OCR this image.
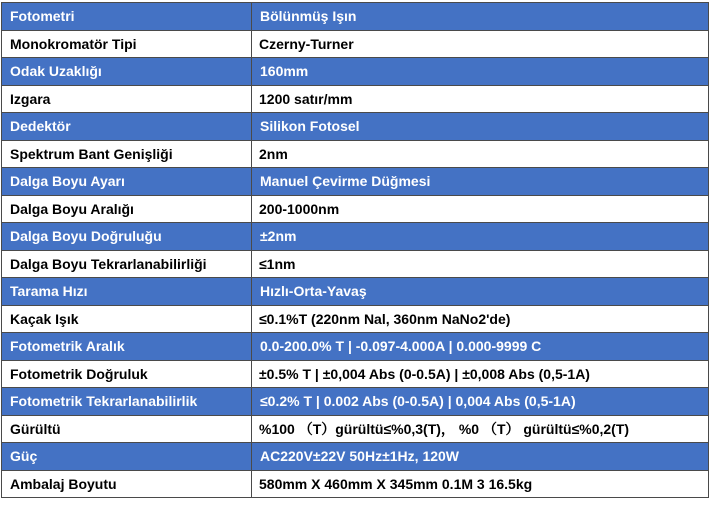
Fotometri	Bölünmüş Işın
Monokromatör Tipi	Czerny-Turner
Odak Uzaklığı	160mm
Izgara	1200 satır/mm
Dedektör	Silikon Fotosel
Spektrum Bant Genişliği	2nm
Dalga Boyu Ayarı	Manuel Çevirme Düğmesi
Dalga Boyu Aralığı	200-1000nm
Dalga Boyu Doğruluğu	±2nm
Dalga Boyu Tekrarlanabilirliği	≤1nm
Tarama Hızı	Hızlı-Orta-Yavaş
Kaçak Işık	≤0.1%T (220nm Nal, 360nm NaNo2'de)
Fotometrik Aralık	0.0-200.0% T | -0.097-4.000A | 0.000-9999 C
Fotometrik Doğruluk	±0.5% T | ±0,004 Abs (0-0.5A) | ±0,008 Abs (0,5-1A)
Fotometrik Tekrarlanabilirlik	≤0.2% T | 0.002 Abs (0-0.5A) | 0,004 Abs (0,5-1A)
Gürültü	%100 （T）gürültü≤%0,3(T)， %0 （T） gürültü≤%0,2(T)
Güç	AC220V±22V 50Hz±1Hz, 120W
Ambalaj Boyutu	580mm X 460mm X 345mm 0.1M 3 16.5kg
